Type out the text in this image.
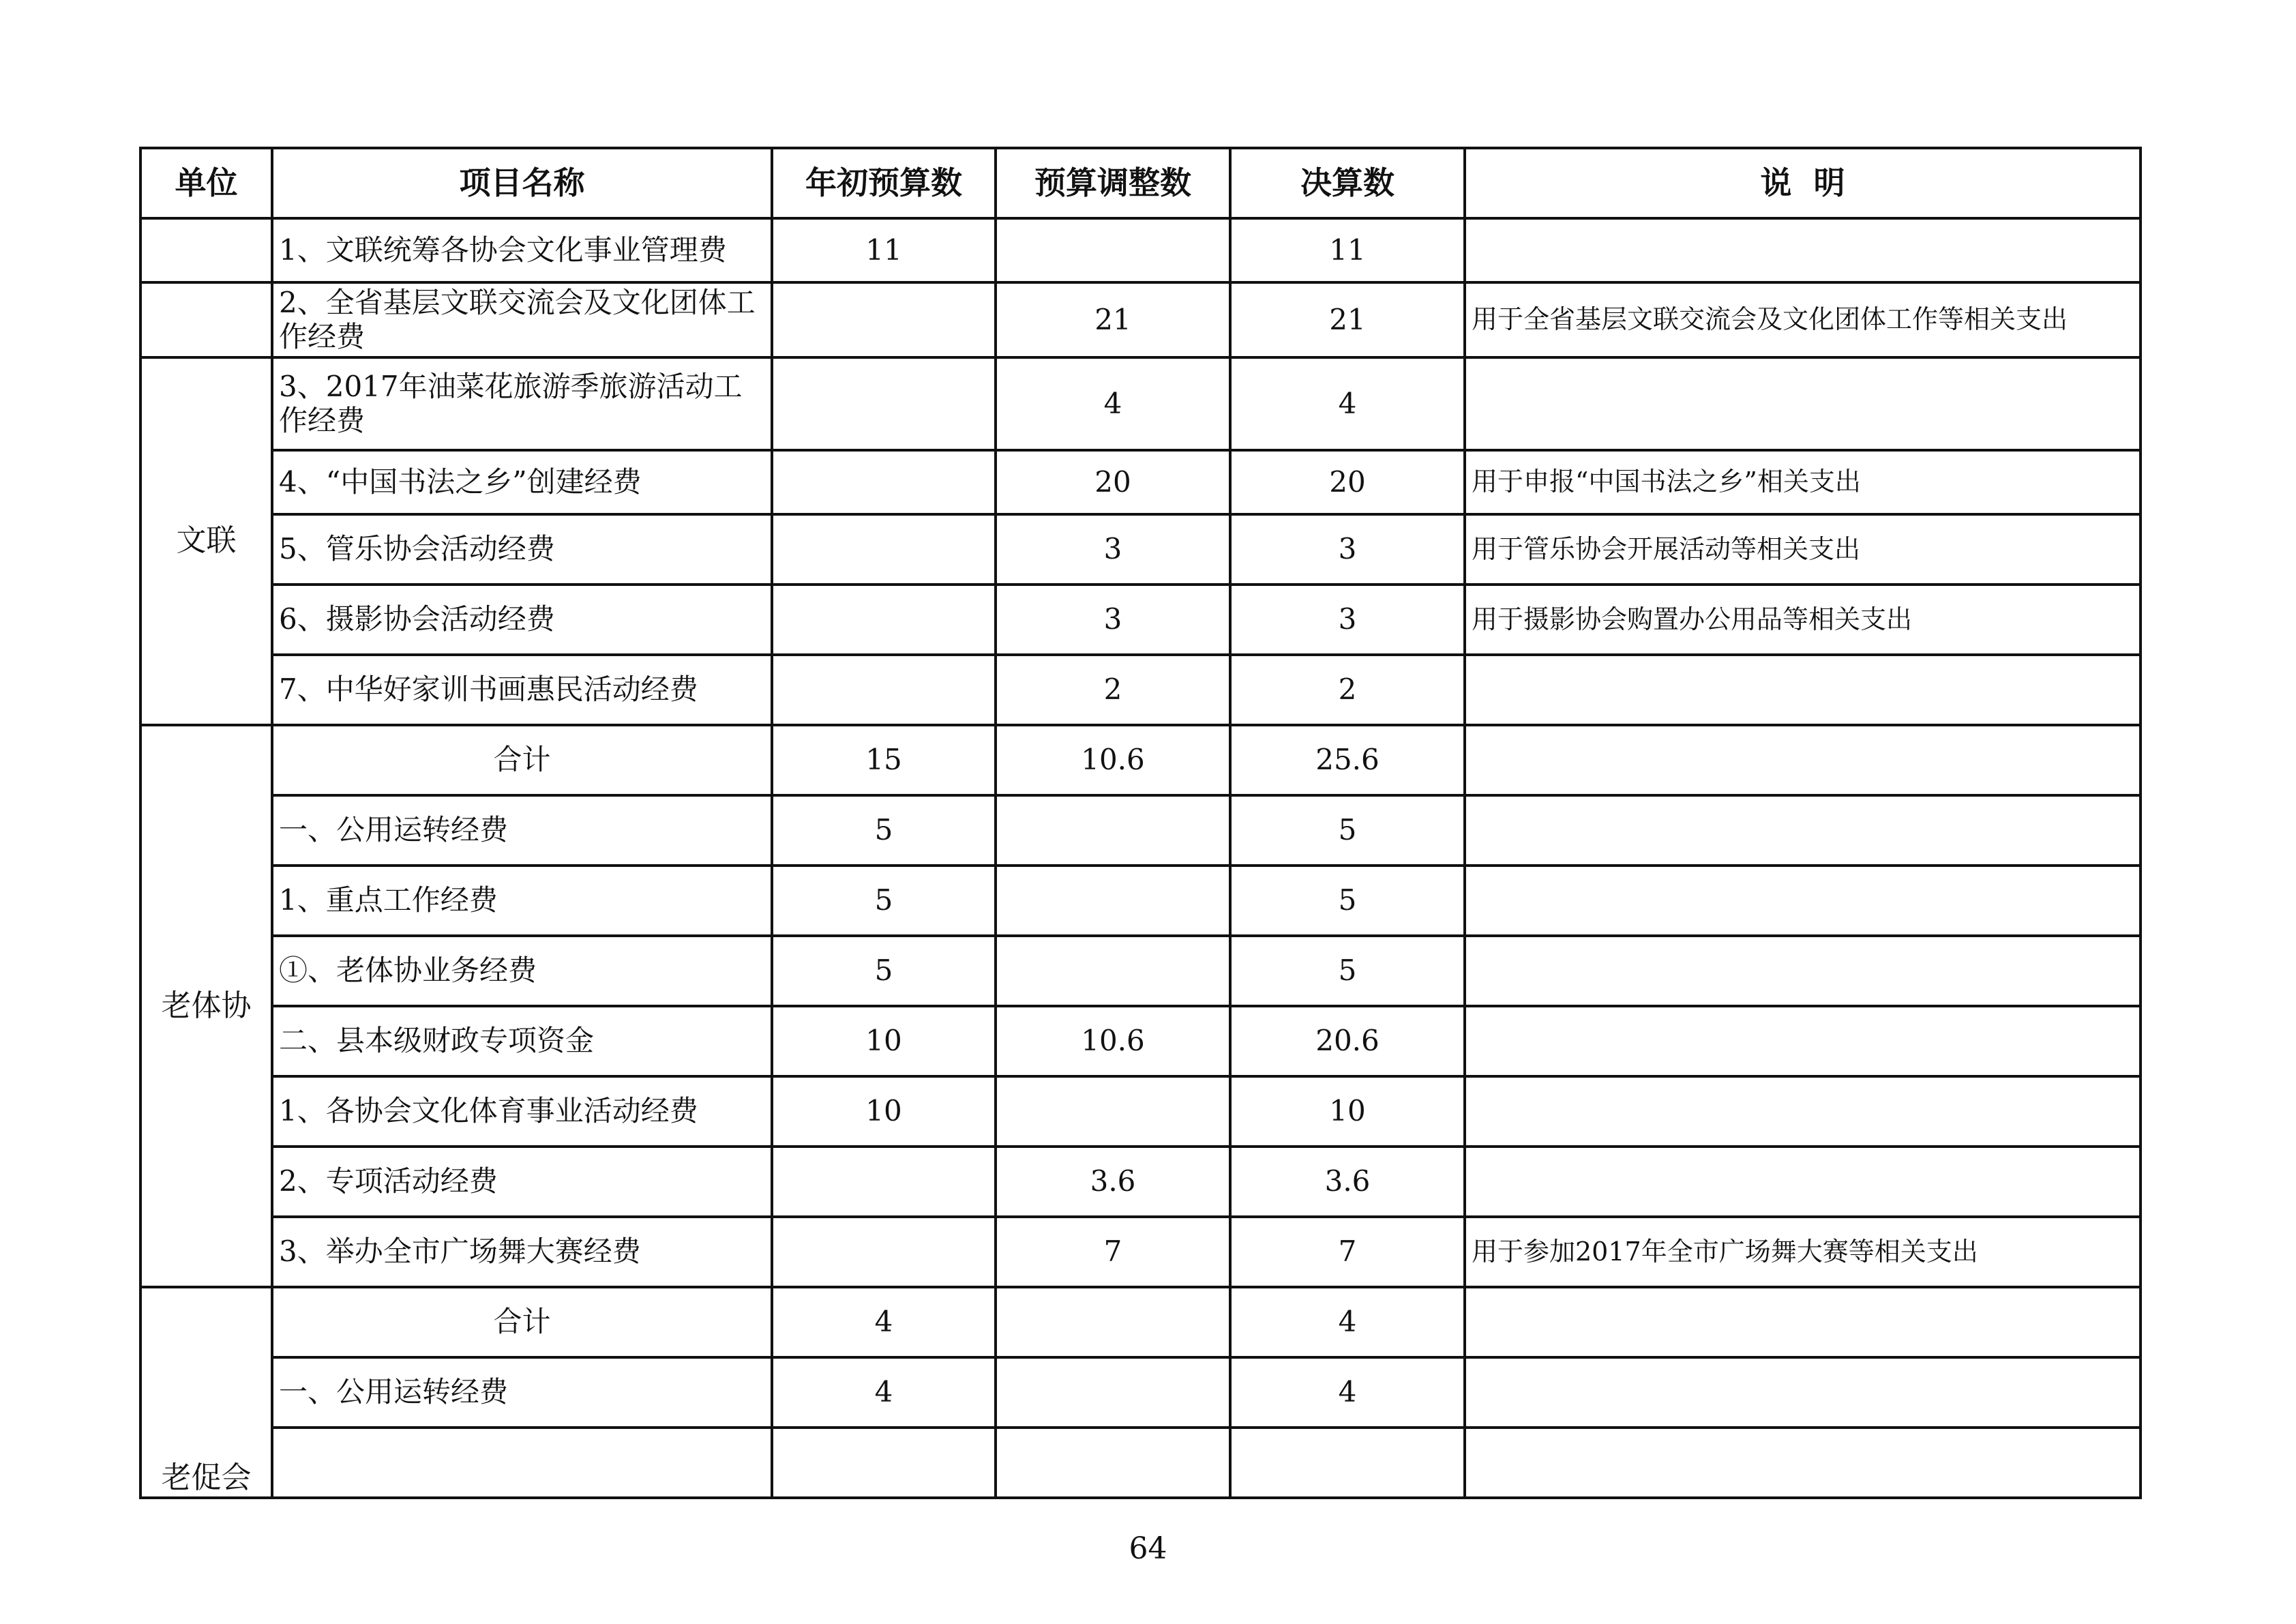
单位	项目名称	年初预算数	预算调整数	决算数	说  明
	1、文联统筹各协会文化事业管理费	11		11	
	2、全省基层文联交流会及文化团体工作经费		21	21	用于全省基层文联交流会及文化团体工作等相关支出
文联	3、2017年油菜花旅游季旅游活动工作经费		4	4	
	4、“中国书法之乡”创建经费		20	20	用于申报“中国书法之乡”相关支出
	5、管乐协会活动经费		3	3	用于管乐协会开展活动等相关支出
	6、摄影协会活动经费		3	3	用于摄影协会购置办公用品等相关支出
	7、中华好家训书画惠民活动经费		2	2	
老体协	合计	15	10.6	25.6	
	一、公用运转经费	5		5	
	1、重点工作经费	5		5	
	①、老体协业务经费	5		5	
	二、县本级财政专项资金	10	10.6	20.6	
	1、各协会文化体育事业活动经费	10		10	
	2、专项活动经费		3.6	3.6	
	3、举办全市广场舞大赛经费		7	7	用于参加2017年全市广场舞大赛等相关支出
老促会	合计	4		4	
	一、公用运转经费	4		4	

64
